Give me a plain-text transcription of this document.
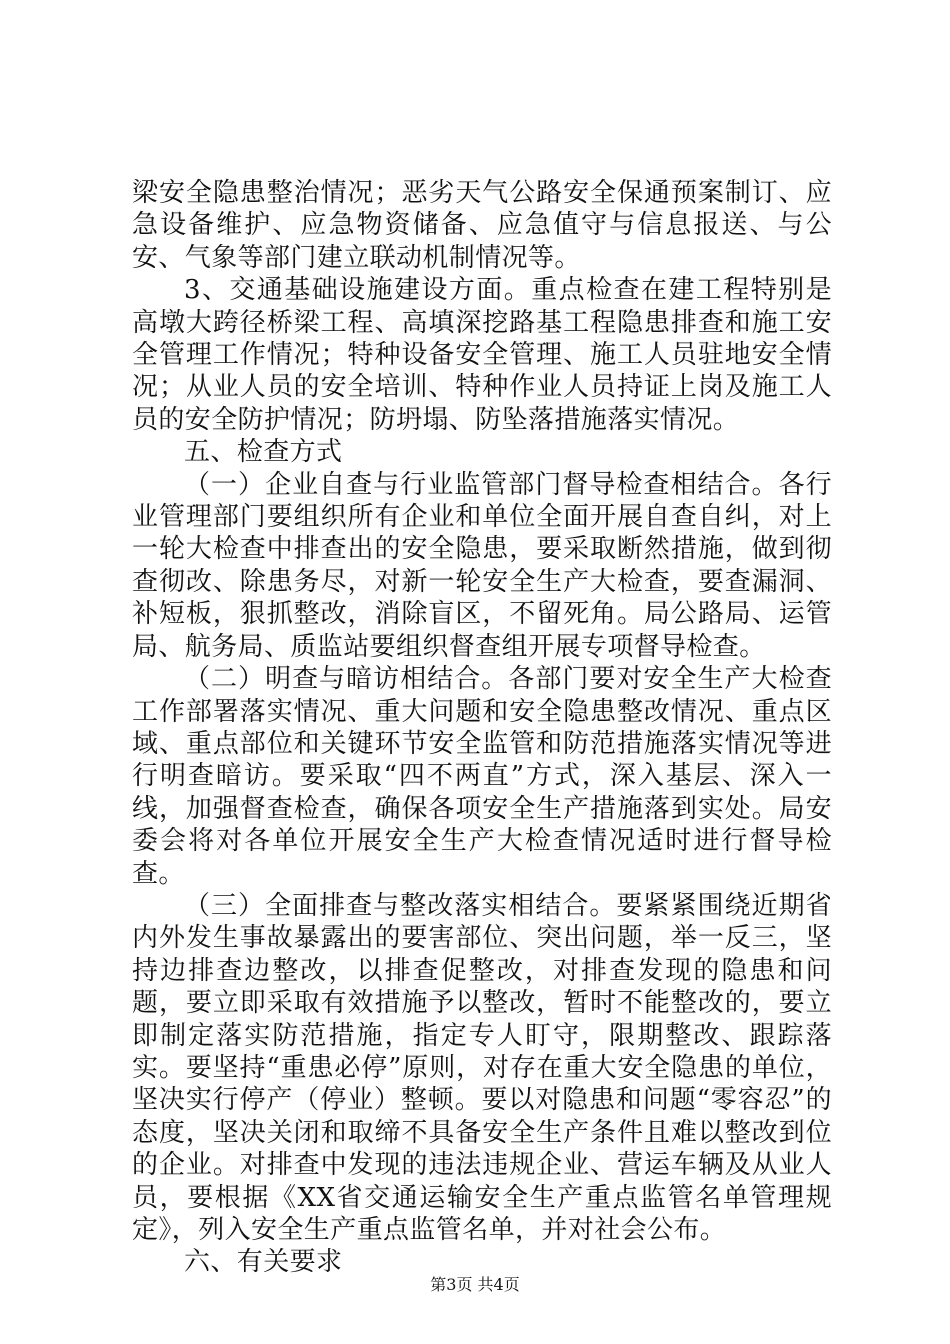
梁安全隐患整治情况；恶劣天气公路安全保通预案制订、应急设备维护、应急物资储备、应急值守与信息报送、与公安、气象等部门建立联动机制情况等。

3、交通基础设施建设方面。重点检查在建工程特别是高墩大跨径桥梁工程、高填深挖路基工程隐患排查和施工安全管理工作情况；特种设备安全管理、施工人员驻地安全情况；从业人员的安全培训、特种作业人员持证上岗及施工人员的安全防护情况；防坍塌、防坠落措施落实情况。

五、检查方式

（一）企业自查与行业监管部门督导检查相结合。各行业管理部门要组织所有企业和单位全面开展自查自纠，对上一轮大检查中排查出的安全隐患，要采取断然措施，做到彻查彻改、除患务尽，对新一轮安全生产大检查，要查漏洞、补短板，狠抓整改，消除盲区，不留死角。局公路局、运管局、航务局、质监站要组织督查组开展专项督导检查。

（二）明查与暗访相结合。各部门要对安全生产大检查工作部署落实情况、重大问题和安全隐患整改情况、重点区域、重点部位和关键环节安全监管和防范措施落实情况等进行明查暗访。要采取“四不两直”方式，深入基层、深入一线，加强督查检查，确保各项安全生产措施落到实处。局安委会将对各单位开展安全生产大检查情况适时进行督导检查。

（三）全面排查与整改落实相结合。要紧紧围绕近期省内外发生事故暴露出的要害部位、突出问题，举一反三，坚持边排查边整改，以排查促整改，对排查发现的隐患和问题，要立即采取有效措施予以整改，暂时不能整改的，要立即制定落实防范措施，指定专人盯守，限期整改、跟踪落实。要坚持“重患必停”原则，对存在重大安全隐患的单位，坚决实行停产（停业）整顿。要以对隐患和问题“零容忍”的态度，坚决关闭和取缔不具备安全生产条件且难以整改到位的企业。对排查中发现的违法违规企业、营运车辆及从业人员，要根据《XX省交通运输安全生产重点监管名单管理规定》，列入安全生产重点监管名单，并对社会公布。

六、有关要求

第3页 共4页
